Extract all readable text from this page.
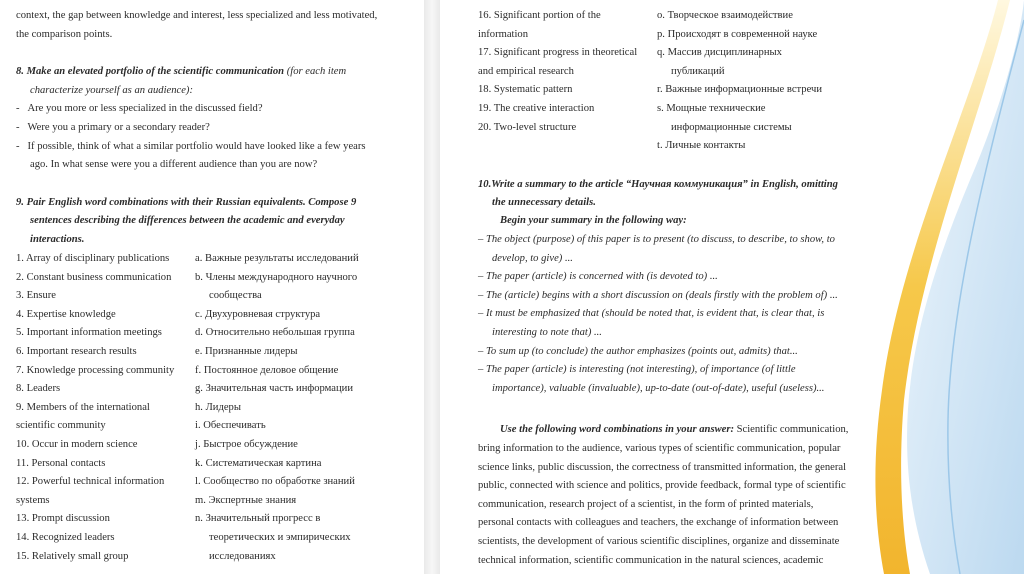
context, the gap between knowledge and interest, less specialized and less motivated,
the comparison points.
8. Make an elevated portfolio of the scientific communication (for each item
characterize yourself as an audience):
-   Are you more or less specialized in the discussed field?
-   Were you a primary or a secondary reader?
-   If possible, think of what a similar portfolio would have looked like a few years
ago. In what sense were you a different audience than you are now?
9. Pair English word combinations with their Russian equivalents. Compose 9
sentences describing the differences between the academic and everyday
interactions.
1. Array of disciplinary publications
2. Constant business communication
3. Ensure
4. Expertise knowledge
5. Important information meetings
6. Important research results
7. Knowledge processing community
8. Leaders
9. Members of the international
scientific community
10. Occur in modern science
11. Personal contacts
12. Powerful technical information
systems
13. Prompt discussion
14. Recognized leaders
15. Relatively small group
a. Важные результаты исследований
b. Члены международного научного
сообщества
c. Двухуровневая структура
d. Относительно небольшая группа
e. Признанные лидеры
f. Постоянное деловое общение
g. Значительная часть информации
h. Лидеры
i. Обеспечивать
j. Быстрое обсуждение
k. Систематическая картина
l. Сообщество по обработке знаний
m. Экспертные знания
n. Значительный прогресс в
теоретических и эмпирических
исследованиях
16. Significant portion of the
information
17. Significant progress in theoretical
and empirical research
18. Systematic pattern
19. The creative interaction
20. Two-level structure
o. Творческое взаимодействие
p. Происходят в современной науке
q. Массив дисциплинарных
публикаций
r. Важные информационные встречи
s. Мощные технические
информационные системы
t. Личные контакты
10.Write a summary to the article “Научная коммуникация” in English, omitting
the unnecessary details.
Begin your summary in the following way:
– The object (purpose) of this paper is to present (to discuss, to describe, to show, to
develop, to give) ...
– The paper (article) is concerned with (is devoted to) ...
– The (article) begins with a short discussion on (deals firstly with the problem of) ...
– It must be emphasized that (should be noted that, is evident that, is clear that, is
interesting to note that) ...
– To sum up (to conclude) the author emphasizes (points out, admits) that...
– The paper (article) is interesting (not interesting), of importance (of little
importance), valuable (invaluable), up-to-date (out-of-date), useful (useless)...
Use the following word combinations in your answer: Scientific communication,
bring information to the audience, various types of scientific communication, popular
science links, public discussion, the correctness of transmitted information, the general
public, connected with science and politics, provide feedback, formal type of scientific
communication, research project of a scientist, in the form of printed materials,
personal contacts with colleagues and teachers, the exchange of information between
scientists, the development of various scientific disciplines, organize and disseminate
technical information, scientific communication in the natural sciences, academic
